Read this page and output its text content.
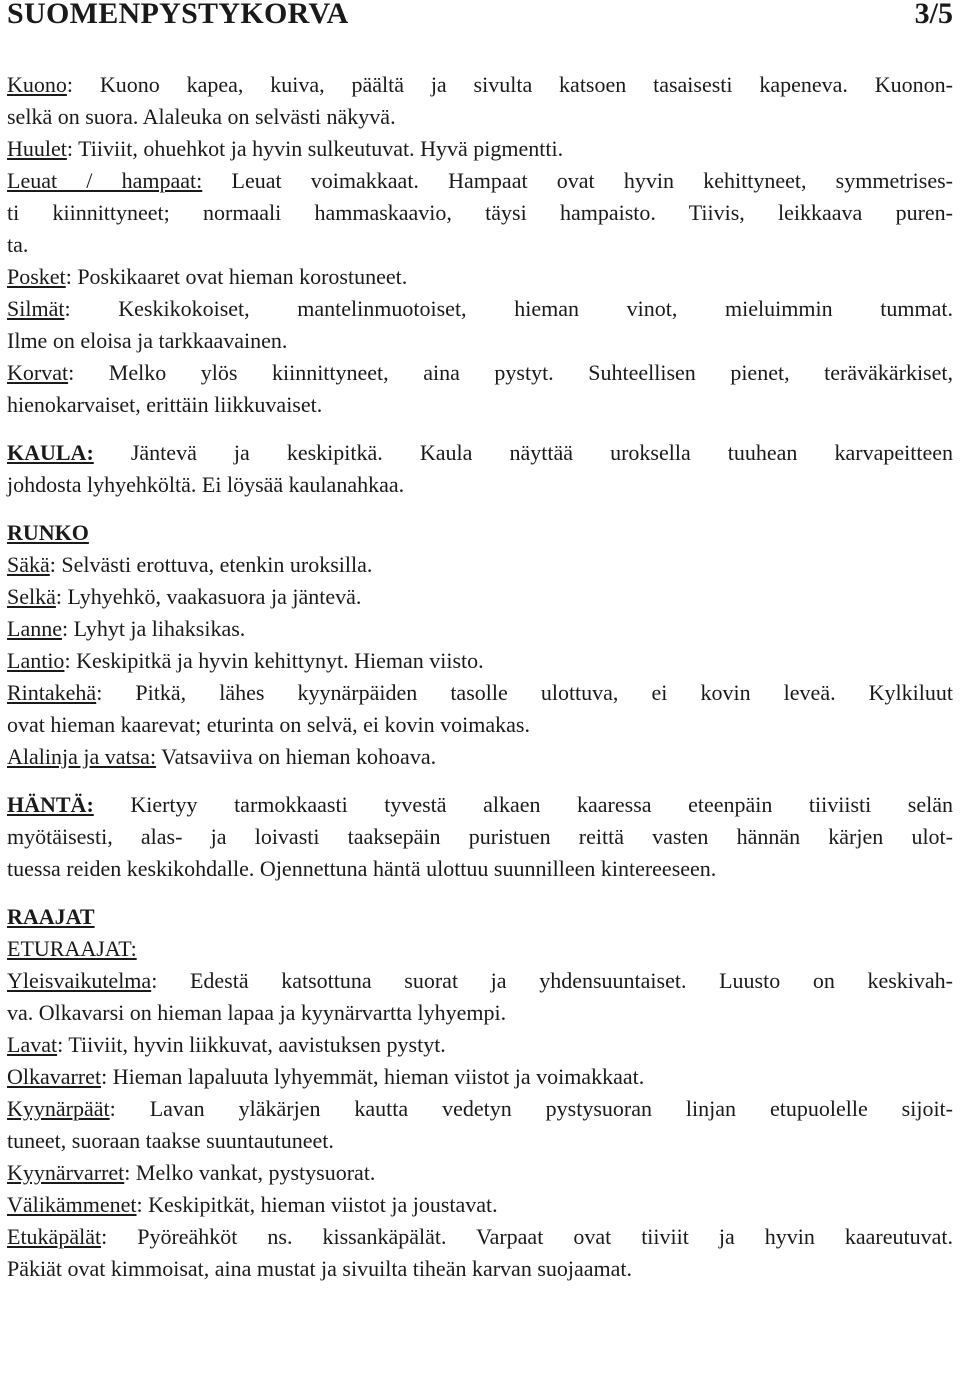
SUOMENPYSTYKORVA	3/5
Kuono: Kuono kapea, kuiva, päältä ja sivulta katsoen tasaisesti kapeneva. Kuonon-
selkä on suora. Alaleuka on selvästi näkyvä.
Huulet: Tiiviit, ohuehkot ja hyvin sulkeutuvat. Hyvä pigmentti.
Leuat / hampaat: Leuat voimakkaat. Hampaat ovat hyvin kehittyneet, symmetrises-
ti kiinnittyneet; normaali hammaskaavio, täysi hampaisto. Tiivis, leikkaava puren-
ta.
Posket: Poskikaaret ovat hieman korostuneet.
Silmät: Keskikokoiset, mantelinmuotoiset, hieman vinot, mieluimmin tummat.
Ilme on eloisa ja tarkkaavainen.
Korvat: Melko ylös kiinnittyneet, aina pystyt. Suhteellisen pienet, teräväkärkiset,
hienokarvaiset, erittäin liikkuvaiset.
KAULA: Jäntevä ja keskipitkä. Kaula näyttää uroksella tuuhean karvapeitteen
johdosta lyhyehköltä. Ei löysää kaulanahkaa.
RUNKO
Säkä: Selvästi erottuva, etenkin uroksilla.
Selkä: Lyhyehkö, vaakasuora ja jäntevä.
Lanne: Lyhyt ja lihaksikas.
Lantio: Keskipitkä ja hyvin kehittynyt. Hieman viisto.
Rintakehä: Pitkä, lähes kyynärpäiden tasolle ulottuva, ei kovin leveä. Kylkiluut
ovat hieman kaarevat; eturinta on selvä, ei kovin voimakas.
Alalinja ja vatsa: Vatsaviiva on hieman kohoava.
HÄNTÄ: Kiertyy tarmokkaasti tyvestä alkaen kaaressa eteenpäin tiiviisti selän
myötäisesti, alas- ja loivasti taaksepäin puristuen reittä vasten hännän kärjen ulot-
tuessa reiden keskikohdalle. Ojennettuna häntä ulottuu suunnilleen kintereeseen.
RAAJAT
ETURAAJAT:
Yleisvaikutelma: Edestä katsottuna suorat ja yhdensuuntaiset. Luusto on keskivah-
va. Olkavarsi on hieman lapaa ja kyynärvartta lyhyempi.
Lavat: Tiiviit, hyvin liikkuvat, aavistuksen pystyt.
Olkavarret: Hieman lapaluuta lyhyemmät, hieman viistot ja voimakkaat.
Kyynärpäät: Lavan yläkärjen kautta vedetyn pystysuoran linjan etupuolelle sijoit-
tuneet, suoraan taakse suuntautuneet.
Kyynärvarret: Melko vankat, pystysuorat.
Välikämmenet: Keskipitkät, hieman viistot ja joustavat.
Etukäpälät: Pyöreähköt ns. kissankäpälät. Varpaat ovat tiiviit ja hyvin kaareutuvat.
Päkiät ovat kimmoisat, aina mustat ja sivuilta tiheän karvan suojaamat.
